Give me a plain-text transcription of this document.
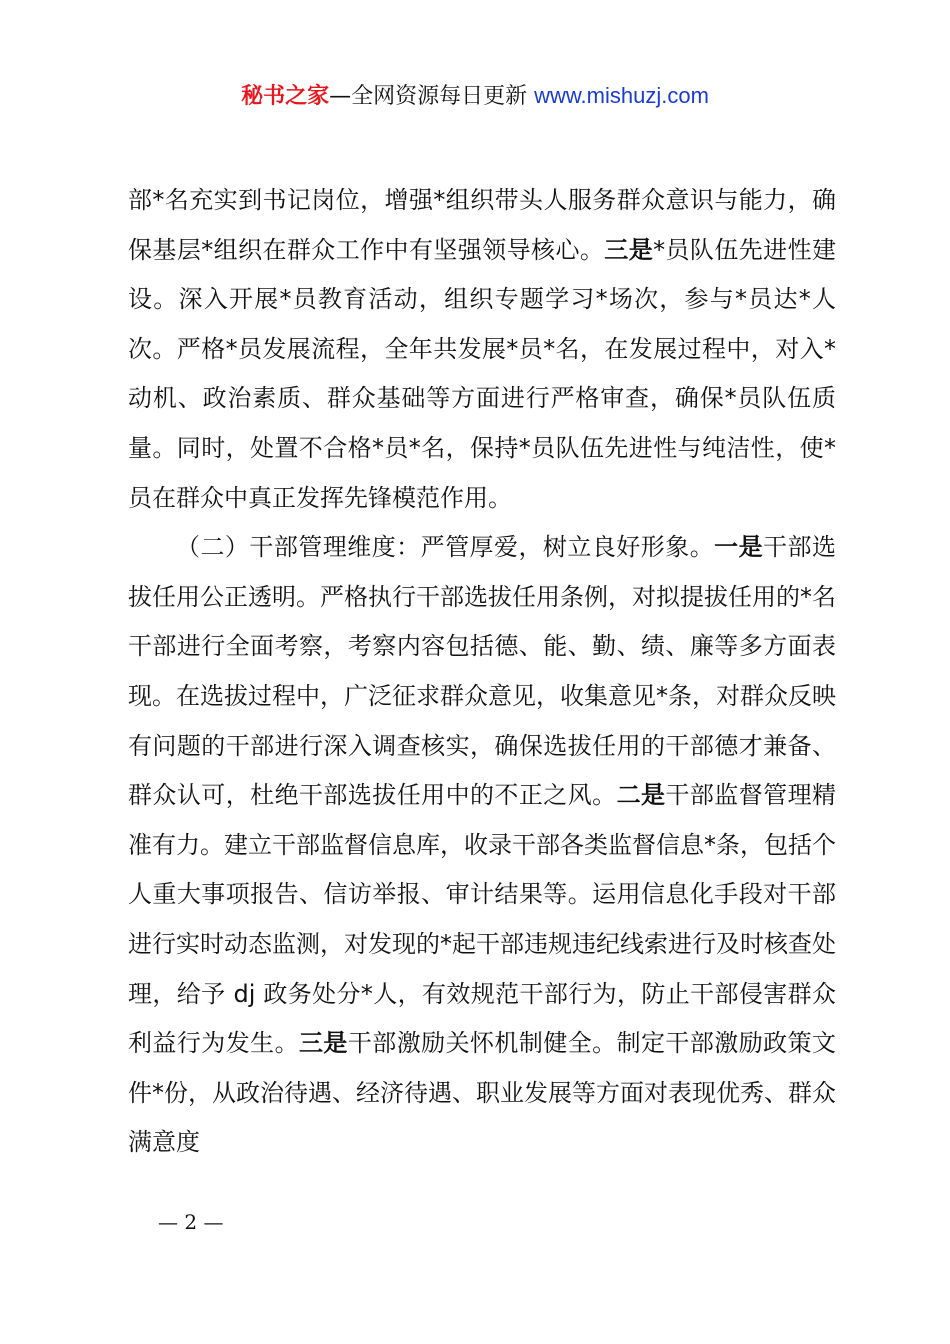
秘书之家—全网资源每日更新 www.mishuzj.com

部*名充实到书记岗位，增强*组织带头人服务群众意识与能力，确保基层*组织在群众工作中有坚强领导核心。三是*员队伍先进性建设。深入开展*员教育活动，组织专题学习*场次，参与*员达*人次。严格*员发展流程，全年共发展*员*名，在发展过程中，对入*动机、政治素质、群众基础等方面进行严格审查，确保*员队伍质量。同时，处置不合格*员*名，保持*员队伍先进性与纯洁性，使*员在群众中真正发挥先锋模范作用。

（二）干部管理维度：严管厚爱，树立良好形象。一是干部选拔任用公正透明。严格执行干部选拔任用条例，对拟提拔任用的*名干部进行全面考察，考察内容包括德、能、勤、绩、廉等多方面表现。在选拔过程中，广泛征求群众意见，收集意见*条，对群众反映有问题的干部进行深入调查核实，确保选拔任用的干部德才兼备、群众认可，杜绝干部选拔任用中的不正之风。二是干部监督管理精准有力。建立干部监督信息库，收录干部各类监督信息*条，包括个人重大事项报告、信访举报、审计结果等。运用信息化手段对干部进行实时动态监测，对发现的*起干部违规违纪线索进行及时核查处理，给予 dj 政务处分*人，有效规范干部行为，防止干部侵害群众利益行为发生。三是干部激励关怀机制健全。制定干部激励政策文件*份，从政治待遇、经济待遇、职业发展等方面对表现优秀、群众满意度

— 2 —
